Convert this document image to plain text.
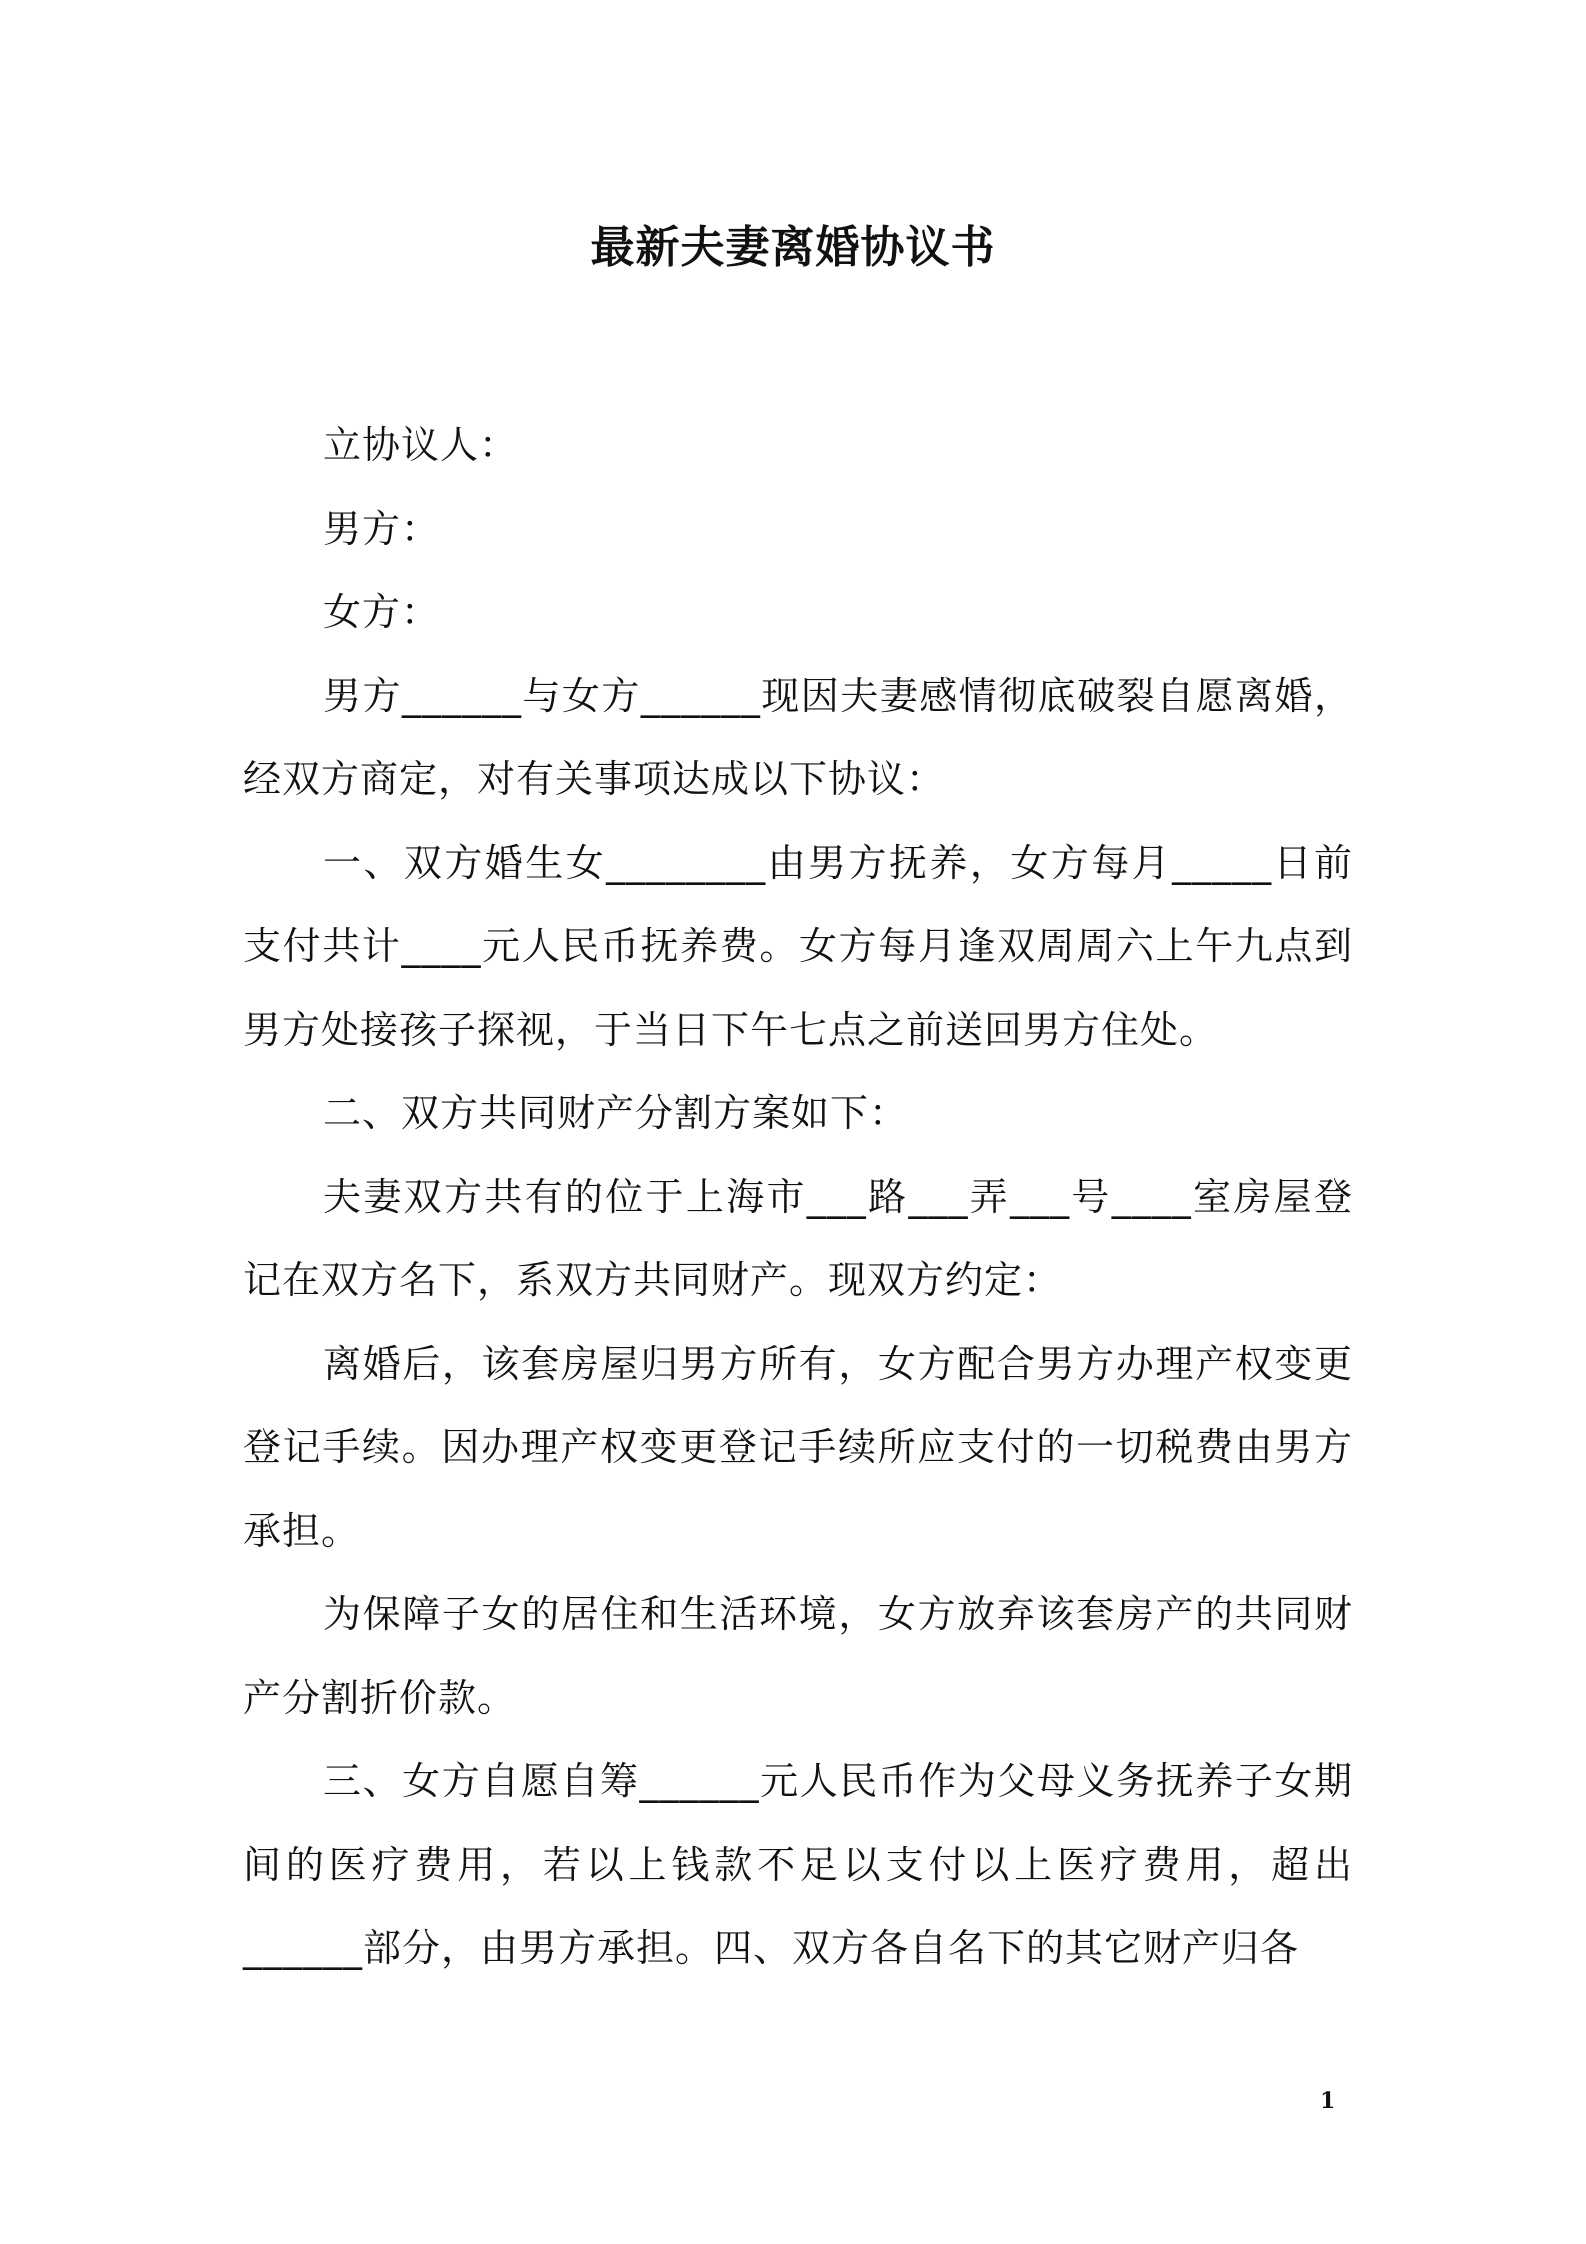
最新夫妻离婚协议书

立协议人：

男方：

女方：

男方______与女方______现因夫妻感情彻底破裂自愿离婚，经双方商定，对有关事项达成以下协议：

一、双方婚生女________由男方抚养，女方每月_____日前支付共计____元人民币抚养费。女方每月逢双周周六上午九点到男方处接孩子探视，于当日下午七点之前送回男方住处。

二、双方共同财产分割方案如下：

夫妻双方共有的位于上海市___路___弄___号____室房屋登记在双方名下，系双方共同财产。现双方约定：

离婚后，该套房屋归男方所有，女方配合男方办理产权变更登记手续。因办理产权变更登记手续所应支付的一切税费由男方承担。

为保障子女的居住和生活环境，女方放弃该套房产的共同财产分割折价款。

三、女方自愿自筹______元人民币作为父母义务抚养子女期间的医疗费用，若以上钱款不足以支付以上医疗费用，超出______部分，由男方承担。四、双方各自名下的其它财产归各

1
